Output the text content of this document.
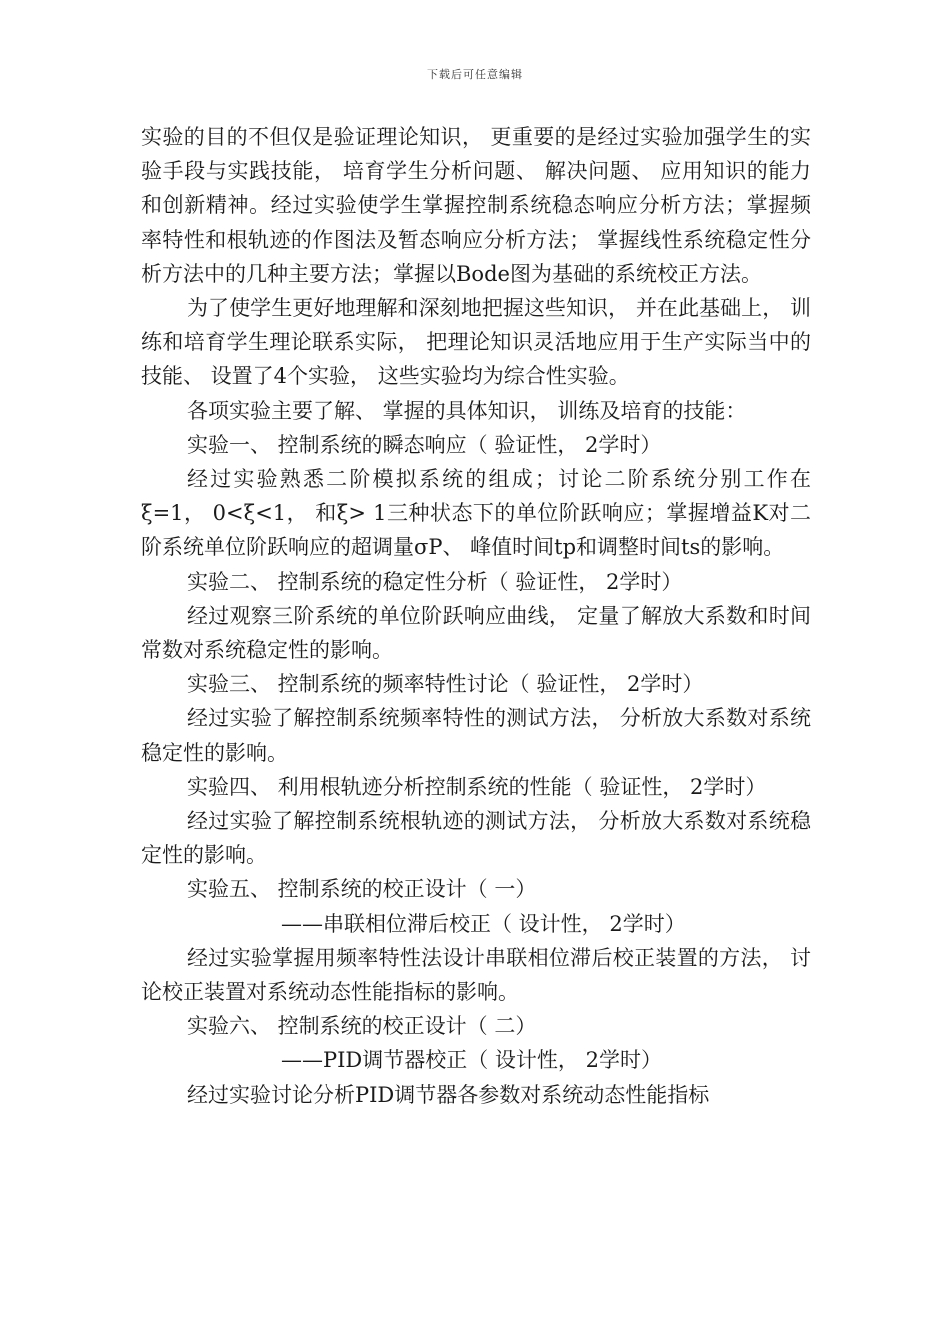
下载后可任意编辑

实验的目的不但仅是验证理论知识， 更重要的是经过实验加强学生的实验手段与实践技能， 培育学生分析问题、 解决问题、 应用知识的能力和创新精神。经过实验使学生掌握控制系统稳态响应分析方法；掌握频率特性和根轨迹的作图法及暂态响应分析方法； 掌握线性系统稳定性分析方法中的几种主要方法；掌握以Bode图为基础的系统校正方法。

为了使学生更好地理解和深刻地把握这些知识， 并在此基础上， 训练和培育学生理论联系实际， 把理论知识灵活地应用于生产实际当中的技能、 设置了4个实验， 这些实验均为综合性实验。

各项实验主要了解、 掌握的具体知识， 训练及培育的技能：

实验一、 控制系统的瞬态响应（ 验证性， 2学时）

经过实验熟悉二阶模拟系统的组成；讨论二阶系统分别工作在ξ=1， 0<ξ<1， 和ξ> 1三种状态下的单位阶跃响应；掌握增益K对二阶系统单位阶跃响应的超调量σP、 峰值时间tp和调整时间ts的影响。

实验二、 控制系统的稳定性分析（ 验证性， 2学时）

经过观察三阶系统的单位阶跃响应曲线， 定量了解放大系数和时间常数对系统稳定性的影响。

实验三、 控制系统的频率特性讨论（ 验证性， 2学时）

经过实验了解控制系统频率特性的测试方法， 分析放大系数对系统稳定性的影响。

实验四、 利用根轨迹分析控制系统的性能（ 验证性， 2学时）

经过实验了解控制系统根轨迹的测试方法， 分析放大系数对系统稳定性的影响。

实验五、 控制系统的校正设计（ 一）

——串联相位滞后校正（ 设计性， 2学时）

经过实验掌握用频率特性法设计串联相位滞后校正装置的方法， 讨论校正装置对系统动态性能指标的影响。

实验六、 控制系统的校正设计（ 二）

——PID调节器校正（ 设计性， 2学时）

经过实验讨论分析PID调节器各参数对系统动态性能指标
